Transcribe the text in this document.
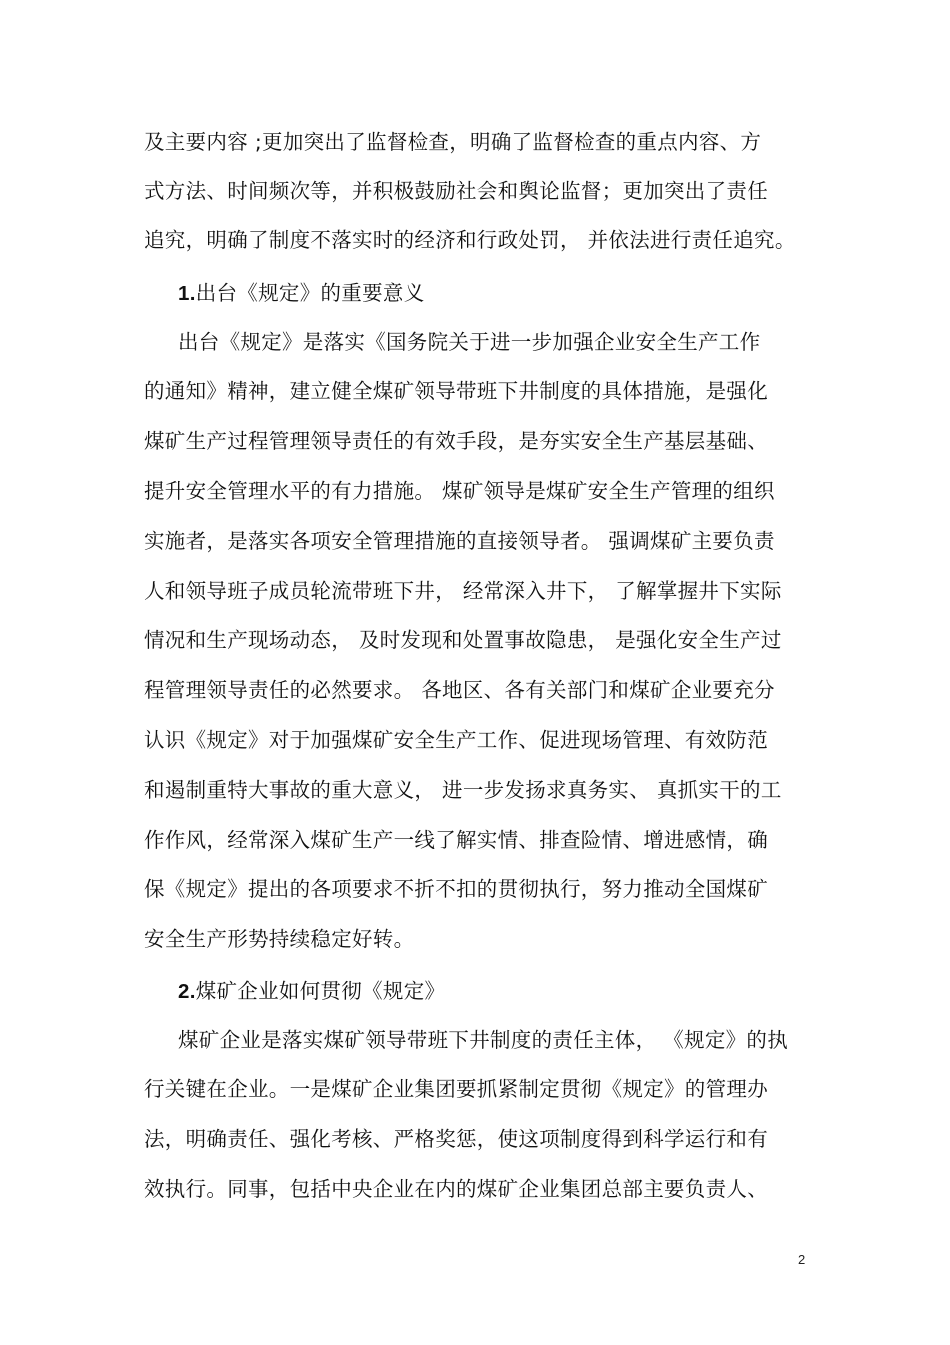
及主要内容 ;更加突出了监督检查，明确了监督检查的重点内容、方
式方法、时间频次等，并积极鼓励社会和舆论监督；更加突出了责任
追究，明确了制度不落实时的经济和行政处罚， 并依法进行责任追究。
1.出台《规定》的重要意义
出台《规定》是落实《国务院关于进一步加强企业安全生产工作
的通知》精神，建立健全煤矿领导带班下井制度的具体措施，是强化
煤矿生产过程管理领导责任的有效手段，是夯实安全生产基层基础、
提升安全管理水平的有力措施。 煤矿领导是煤矿安全生产管理的组织
实施者，是落实各项安全管理措施的直接领导者。 强调煤矿主要负责
人和领导班子成员轮流带班下井， 经常深入井下， 了解掌握井下实际
情况和生产现场动态， 及时发现和处置事故隐患， 是强化安全生产过
程管理领导责任的必然要求。 各地区、各有关部门和煤矿企业要充分
认识《规定》对于加强煤矿安全生产工作、促进现场管理、有效防范
和遏制重特大事故的重大意义， 进一步发扬求真务实、 真抓实干的工
作作风，经常深入煤矿生产一线了解实情、排查险情、增进感情，确
保《规定》提出的各项要求不折不扣的贯彻执行，努力推动全国煤矿
安全生产形势持续稳定好转。
2.煤矿企业如何贯彻《规定》
煤矿企业是落实煤矿领导带班下井制度的责任主体， 《规定》的执
行关键在企业。一是煤矿企业集团要抓紧制定贯彻《规定》的管理办
法，明确责任、强化考核、严格奖惩，使这项制度得到科学运行和有
效执行。同事，包括中央企业在内的煤矿企业集团总部主要负责人、
2
